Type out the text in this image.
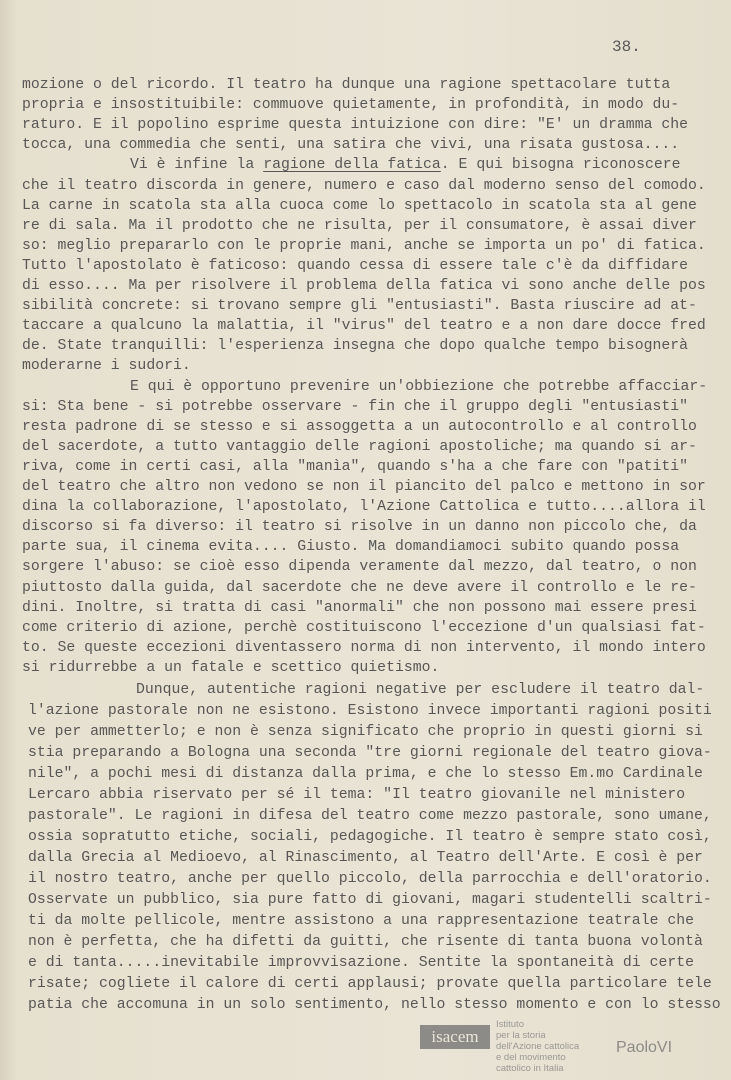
38.
mozione o del ricordo. Il teatro ha dunque una ragione spettacolare tutta
propria e insostituibile: commuove quietamente, in profondità, in modo du-
raturo. E il popolino esprime questa intuizione con dire: "E' un dramma che
tocca, una commedia che senti, una satira che vivi, una risata gustosa....
Vi è infine la ragione della fatica. E qui bisogna riconoscere
che il teatro discorda in genere, numero e caso dal moderno senso del comodo.
La carne in scatola sta alla cuoca come lo spettacolo in scatola sta al gene
re di sala. Ma il prodotto che ne risulta, per il consumatore, è assai diver
so: meglio prepararlo con le proprie mani, anche se importa un po' di fatica.
Tutto l'apostolato è faticoso: quando cessa di essere tale c'è da diffidare
di esso.... Ma per risolvere il problema della fatica vi sono anche delle pos
sibilità concrete: si trovano sempre gli "entusiasti". Basta riuscire ad at-
taccare a qualcuno la malattia, il "virus" del teatro e a non dare docce fred
de. State tranquilli: l'esperienza insegna che dopo qualche tempo bisognerà
moderarne i sudori.
E qui è opportuno prevenire un'obbiezione che potrebbe affacciar-
si: Sta bene - si potrebbe osservare - fin che il gruppo degli "entusiasti"
resta padrone di se stesso e si assoggetta a un autocontrollo e al controllo
del sacerdote, a tutto vantaggio delle ragioni apostoliche; ma quando si ar-
riva, come in certi casi, alla "manìa", quando s'ha a che fare con "patiti"
del teatro che altro non vedono se non il piancito del palco e mettono in sor
dina la collaborazione, l'apostolato, l'Azione Cattolica e tutto....allora il
discorso si fa diverso: il teatro si risolve in un danno non piccolo che, da
parte sua, il cinema evita.... Giusto. Ma domandiamoci subito quando possa
sorgere l'abuso: se cioè esso dipenda veramente dal mezzo, dal teatro, o non
piuttosto dalla guida, dal sacerdote che ne deve avere il controllo e le re-
dini. Inoltre, si tratta di casi "anormali" che non possono mai essere presi
come criterio di azione, perchè costituiscono l'eccezione d'un qualsiasi fat-
to. Se queste eccezioni diventassero norma di non intervento, il mondo intero
si ridurrebbe a un fatale e scettico quietismo.
Dunque, autentiche ragioni negative per escludere il teatro dal-
l'azione pastorale non ne esistono. Esistono invece importanti ragioni positi
ve per ammetterlo; e non è senza significato che proprio in questi giorni si
stia preparando a Bologna una seconda "tre giorni regionale del teatro giova-
nile", a pochi mesi di distanza dalla prima, e che lo stesso Em.mo Cardinale
Lercaro abbia riservato per sé il tema: "Il teatro giovanile nel ministero
pastorale". Le ragioni in difesa del teatro come mezzo pastorale, sono umane,
ossia sopratutto etiche, sociali, pedagogiche. Il teatro è sempre stato così,
dalla Grecia al Medioevo, al Rinascimento, al Teatro dell'Arte. E così è per
il nostro teatro, anche per quello piccolo, della parrocchia e dell'oratorio.
Osservate un pubblico, sia pure fatto di giovani, magari studentelli scaltri-
ti da molte pellicole, mentre assistono a una rappresentazione teatrale che
non è perfetta, che ha difetti da guitti, che risente di tanta buona volontà
e di tanta.....inevitabile improvvisazione. Sentite la spontaneità di certe
risate; cogliete il calore di certi applausi; provate quella particolare tele
patia che accomuna in un solo sentimento, nello stesso momento e con lo stesso
isacem
Istituto
per la storia
dell'Azione cattolica
e del movimento
cattolico in Italia
PaoloVI
